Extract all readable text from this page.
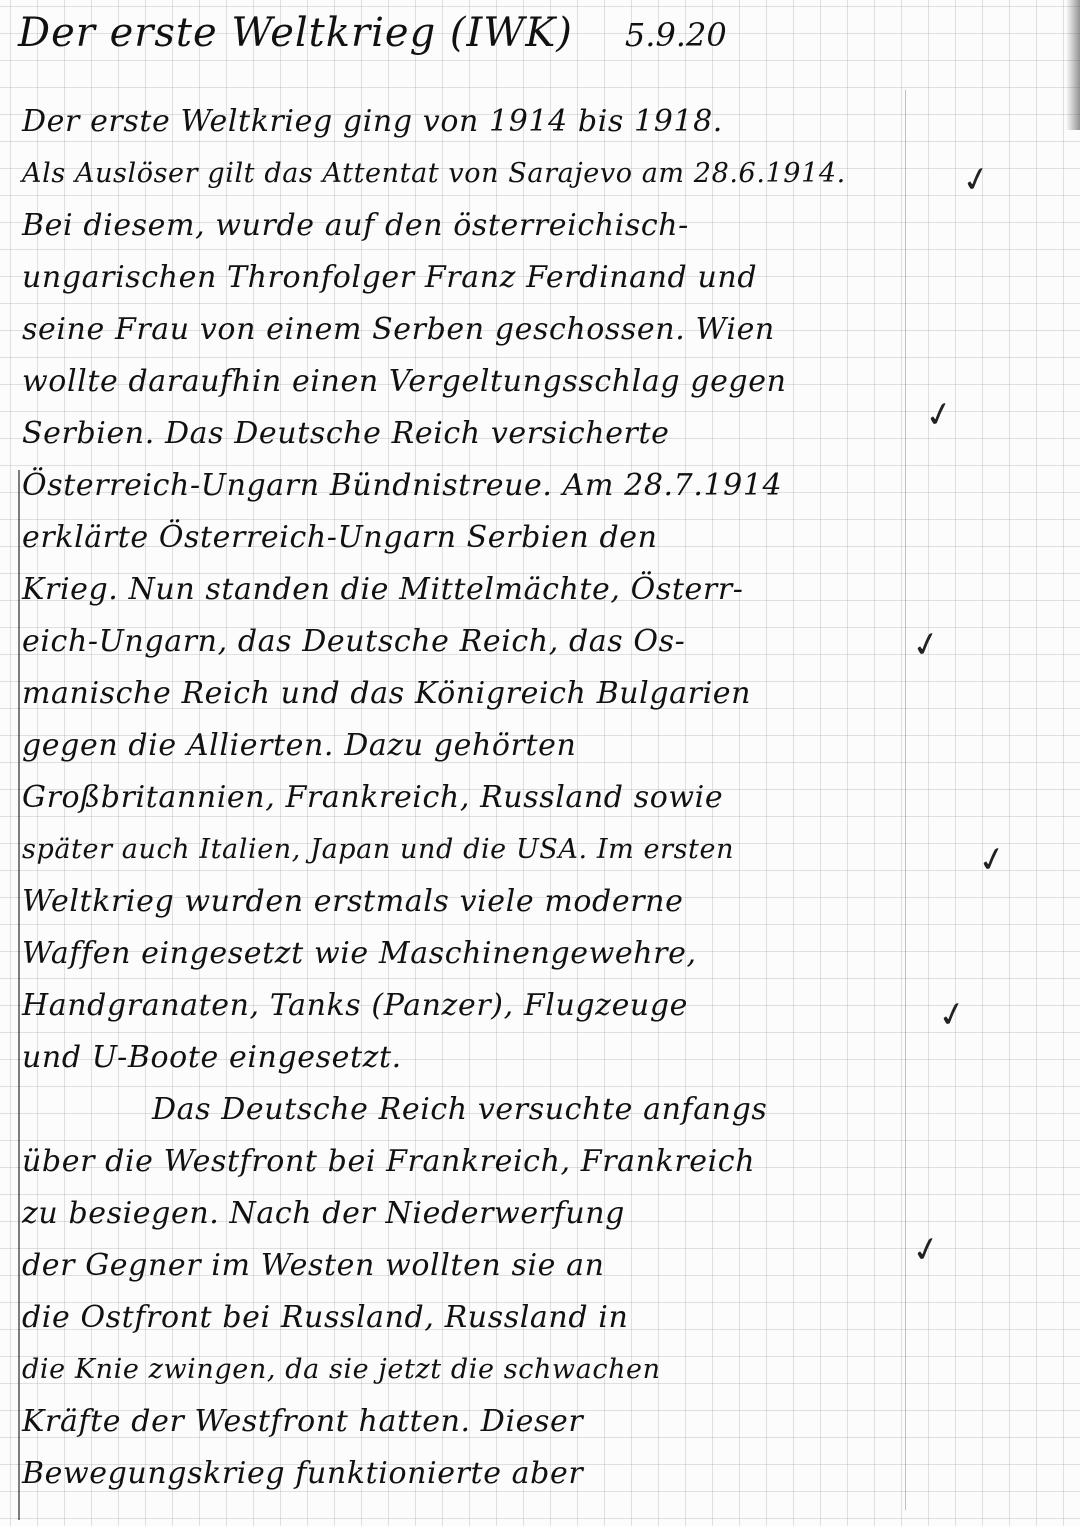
Der erste Weltkrieg (IWK) 5.9.20
Der erste Weltkrieg ging von 1914 bis 1918.
Als Auslöser gilt das Attentat von Sarajevo am 28.6.1914.
Bei diesem, wurde auf den österreichisch-
ungarischen Thronfolger Franz Ferdinand und
seine Frau von einem Serben geschossen. Wien
wollte daraufhin einen Vergeltungsschlag gegen
Serbien. Das Deutsche Reich versicherte
Österreich-Ungarn Bündnistreue. Am 28.7.1914
erklärte Österreich-Ungarn Serbien den
Krieg. Nun standen die Mittelmächte, Österr-
eich-Ungarn, das Deutsche Reich, das Os-
manische Reich und das Königreich Bulgarien
gegen die Allierten. Dazu gehörten
Großbritannien, Frankreich, Russland sowie
später auch Italien, Japan und die USA. Im ersten
Weltkrieg wurden erstmals viele moderne
Waffen eingesetzt wie Maschinengewehre,
Handgranaten, Tanks (Panzer), Flugzeuge
und U-Boote eingesetzt.
Das Deutsche Reich versuchte anfangs
über die Westfront bei Frankreich, Frankreich
zu besiegen. Nach der Niederwerfung
der Gegner im Westen wollten sie an
die Ostfront bei Russland, Russland in
die Knie zwingen, da sie jetzt die schwachen
Kräfte der Westfront hatten. Dieser
Bewegungskrieg funktionierte aber
✓
✓
✓
✓
✓
✓
